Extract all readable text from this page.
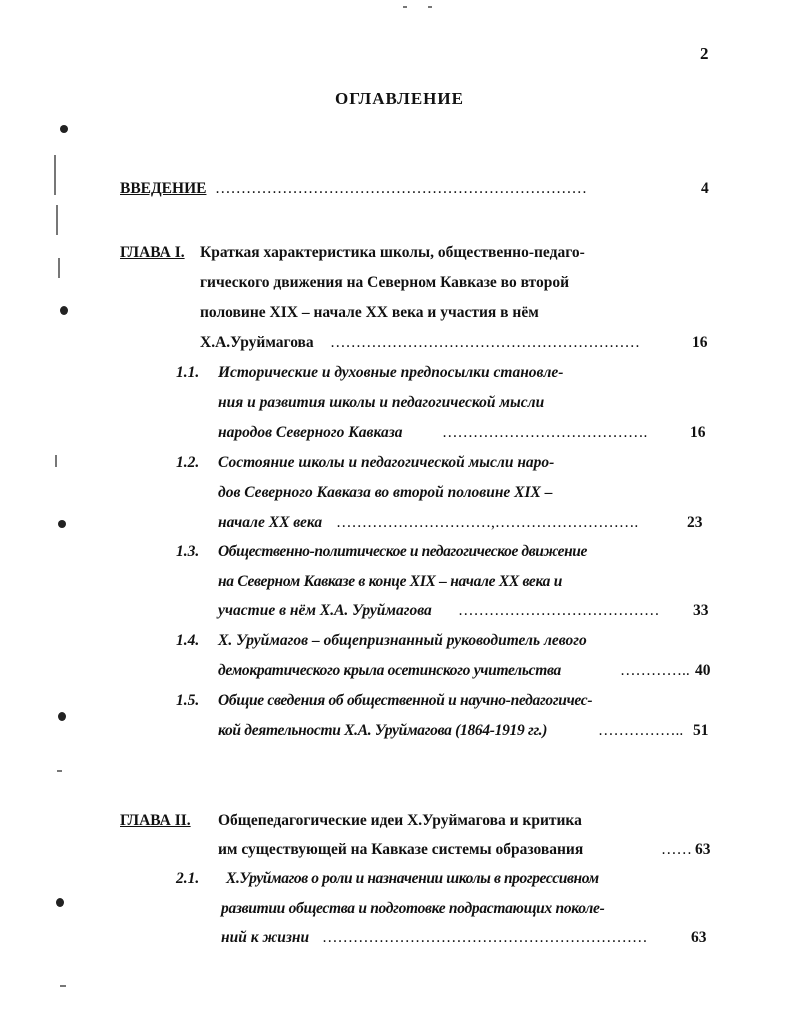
2
ОГЛАВЛЕНИЕ
ВВЕДЕНИЕ ………………………………………………………………	4
ГЛАВА I. Краткая характеристика школы, общественно-педаго-
гического движения на Северном Кавказе во второй
половине XIX – начале XX века и участия в нём
Х.А.Уруймагова ……………………………………………………	16
1.1. Исторические и духовные предпосылки становле-
ния и развития школы и педагогической мысли
народов Северного Кавказа	………………………………….	16
1.2. Состояние школы и педагогической мысли наро-
дов Северного Кавказа во второй половине XIX –
начале XX века …………………………,……………………….	23
1.3. Общественно-политическое и педагогическое движение
на Северном Кавказе в конце XIX – начале XX века и
участие в нём Х.А. Уруймагова …………………………………	33
1.4. Х. Уруймагов – общепризнанный руководитель левого
демократического крыла осетинского учительства	………….. 40
1.5. Общие сведения об общественной и научно-педагогичес-
кой деятельности Х.А. Уруймагова (1864-1919 гг.)	…………….. 51
ГЛАВА II. Общепедагогические идеи Х.Уруймагова и критика
им существующей на Кавказе системы образования	…… 63
2.1. Х.Уруймагов о роли и назначении школы в прогрессивном
развитии общества и подготовке подрастающих поколе-
ний к жизни ………………………………………………………	63
